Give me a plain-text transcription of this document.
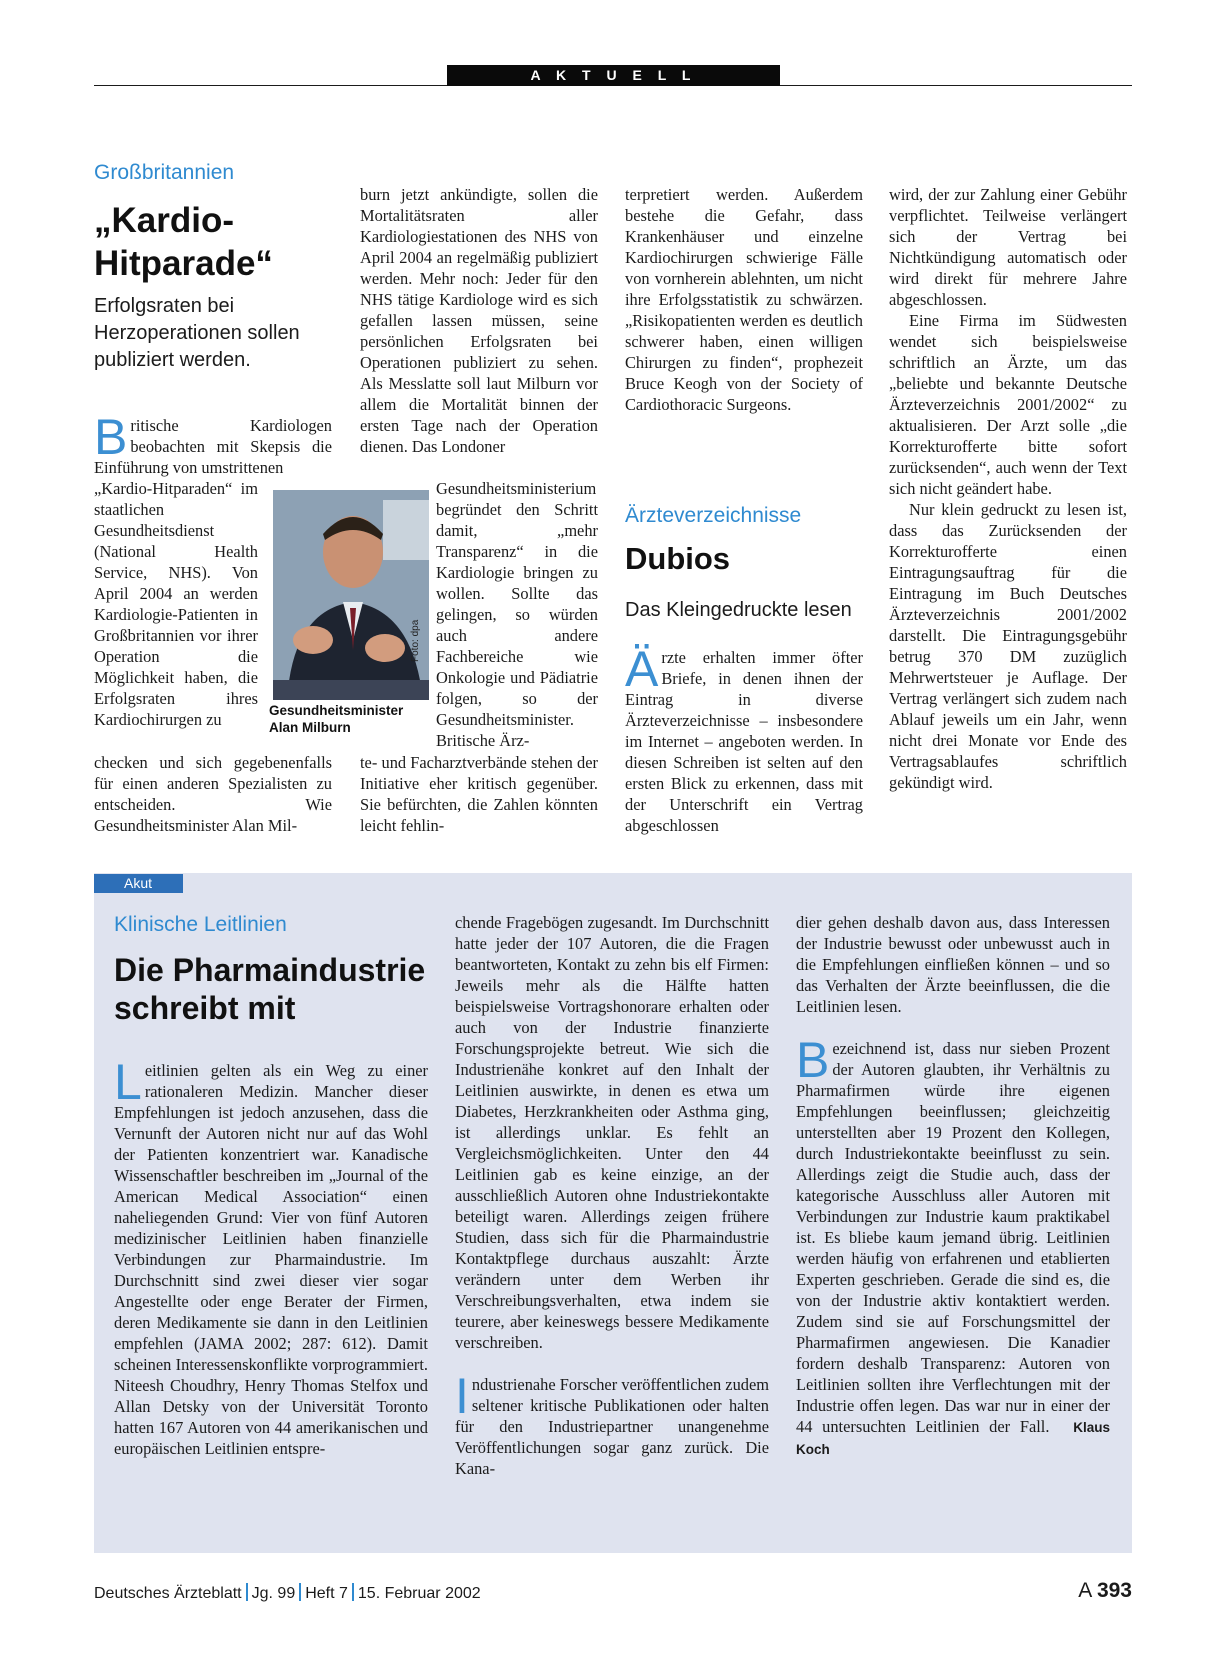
A K T U E L L
Großbritannien
„Kardio-
Hitparade“
Erfolgsraten bei Herzoperationen sollen publiziert werden.
B ritische Kardiologen beobachten mit Skepsis die Einführung von umstrittenen
„Kardio-Hitparaden“ im staatlichen Gesundheitsdienst (National Health Service, NHS). Von April 2004 an werden Kardiologie-Patienten in Großbritannien vor ihrer Operation die Möglichkeit haben, die Erfolgsraten ihres Kardiochirurgen zu
checken und sich gegebenenfalls für einen anderen Spezialisten zu entscheiden. Wie Gesundheitsminister Alan Mil-
burn jetzt ankündigte, sollen die Mortalitätsraten aller Kardiologiestationen des NHS von April 2004 an regelmäßig publiziert werden. Mehr noch: Jeder für den NHS tätige Kardiologe wird es sich gefallen lassen müssen, seine persönlichen Erfolgsraten bei Operationen publiziert zu sehen. Als Messlatte soll laut Milburn vor allem die Mortalität binnen der ersten Tage nach der Operation dienen. Das Londoner
Gesundheitsministerium begründet den Schritt damit, „mehr Transparenz“ in die Kardiologie bringen zu wollen. Sollte das gelingen, so würden auch andere Fachbereiche wie Onkologie und Pädiatrie folgen, so der Gesundheitsminister. Britische Ärz-
te- und Facharztverbände stehen der Initiative eher kritisch gegenüber. Sie befürchten, die Zahlen könnten leicht fehlin-
Foto: dpa
Gesundheitsminister
Alan Milburn
terpretiert werden. Außerdem bestehe die Gefahr, dass Krankenhäuser und einzelne Kardiochirurgen schwierige Fälle von vornherein ablehnten, um nicht ihre Erfolgsstatistik zu schwärzen. „Risikopatienten werden es deutlich schwerer haben, einen willigen Chirurgen zu finden“, prophezeit Bruce Keogh von der Society of Cardiothoracic Surgeons.
Ärzteverzeichnisse
Dubios
Das Kleingedruckte lesen
Ä rzte erhalten immer öfter Briefe, in denen ihnen der Eintrag in diverse Ärzteverzeichnisse – insbesondere im Internet – angeboten werden. In diesen Schreiben ist selten auf den ersten Blick zu erkennen, dass mit der Unterschrift ein Vertrag abgeschlossen

wird, der zur Zahlung einer Gebühr verpflichtet. Teilweise verlängert sich der Vertrag bei Nichtkündigung automatisch oder wird direkt für mehrere Jahre abgeschlossen.

Eine Firma im Südwesten wendet sich beispielsweise schriftlich an Ärzte, um das „beliebte und bekannte Deutsche Ärzteverzeichnis 2001/2002“ zu aktualisieren. Der Arzt solle „die Korrekturofferte bitte sofort zurücksenden“, auch wenn der Text sich nicht geändert habe.

Nur klein gedruckt zu lesen ist, dass das Zurücksenden der Korrekturofferte einen Eintragungsauftrag für die Eintragung im Buch Deutsches Ärzteverzeichnis 2001/2002 darstellt. Die Eintragungsgebühr betrug 370 DM zuzüglich Mehrwertsteuer je Auflage. Der Vertrag verlängert sich zudem nach Ablauf jeweils um ein Jahr, wenn nicht drei Monate vor Ende des Vertragsablaufes schriftlich gekündigt wird.

Akut
Klinische Leitlinien
Die Pharmaindustrie
schreibt mit
L eitlinien gelten als ein Weg zu einer rationaleren Medizin. Mancher dieser Empfehlungen ist jedoch anzusehen, dass die Vernunft der Autoren nicht nur auf das Wohl der Patienten konzentriert war. Kanadische Wissenschaftler beschreiben im „Journal of the American Medical Association“ einen naheliegenden Grund: Vier von fünf Autoren medizinischer Leitlinien haben finanzielle Verbindungen zur Pharmaindustrie. Im Durchschnitt sind zwei dieser vier sogar Angestellte oder enge Berater der Firmen, deren Medikamente sie dann in den Leitlinien empfehlen (JAMA 2002; 287: 612). Damit scheinen Interessenskonflikte vorprogrammiert. Niteesh Choudhry, Henry Thomas Stelfox und Allan Detsky von der Universität Toronto hatten 167 Autoren von 44 amerikanischen und europäischen Leitlinien entspre-

chende Fragebögen zugesandt. Im Durchschnitt hatte jeder der 107 Autoren, die die Fragen beantworteten, Kontakt zu zehn bis elf Firmen: Jeweils mehr als die Hälfte hatten beispielsweise Vortragshonorare erhalten oder auch von der Industrie finanzierte Forschungsprojekte betreut. Wie sich die Industrienähe konkret auf den Inhalt der Leitlinien auswirkte, in denen es etwa um Diabetes, Herzkrankheiten oder Asthma ging, ist allerdings unklar. Es fehlt an Vergleichsmöglichkeiten. Unter den 44 Leitlinien gab es keine einzige, an der ausschließlich Autoren ohne Industriekontakte beteiligt waren. Allerdings zeigen frühere Studien, dass sich für die Pharmaindustrie Kontaktpflege durchaus auszahlt: Ärzte verändern unter dem Werben ihr Verschreibungsverhalten, etwa indem sie teurere, aber keineswegs bessere Medikamente verschreiben.

I ndustrienahe Forscher veröffentlichen zudem seltener kritische Publikationen oder halten für den Industriepartner unangenehme Veröffentlichungen sogar ganz zurück. Die Kana-

dier gehen deshalb davon aus, dass Interessen der Industrie bewusst oder unbewusst auch in die Empfehlungen einfließen können – und so das Verhalten der Ärzte beeinflussen, die die Leitlinien lesen.

B ezeichnend ist, dass nur sieben Prozent der Autoren glaubten, ihr Verhältnis zu Pharmafirmen würde ihre eigenen Empfehlungen beeinflussen; gleichzeitig unterstellten aber 19 Prozent den Kollegen, durch Industriekontakte beeinflusst zu sein. Allerdings zeigt die Studie auch, dass der kategorische Ausschluss aller Autoren mit Verbindungen zur Industrie kaum praktikabel ist. Es bliebe kaum jemand übrig. Leitlinien werden häufig von erfahrenen und etablierten Experten geschrieben. Gerade die sind es, die von der Industrie aktiv kontaktiert werden. Zudem sind sie auf Forschungsmittel der Pharmafirmen angewiesen. Die Kanadier fordern deshalb Transparenz: Autoren von Leitlinien sollten ihre Verflechtungen mit der Industrie offen legen. Das war nur in einer der 44 untersuchten Leitlinien der Fall. Klaus Koch

Deutsches Ärzteblatt Jg. 99 Heft 7 15. Februar 2002	A 393
